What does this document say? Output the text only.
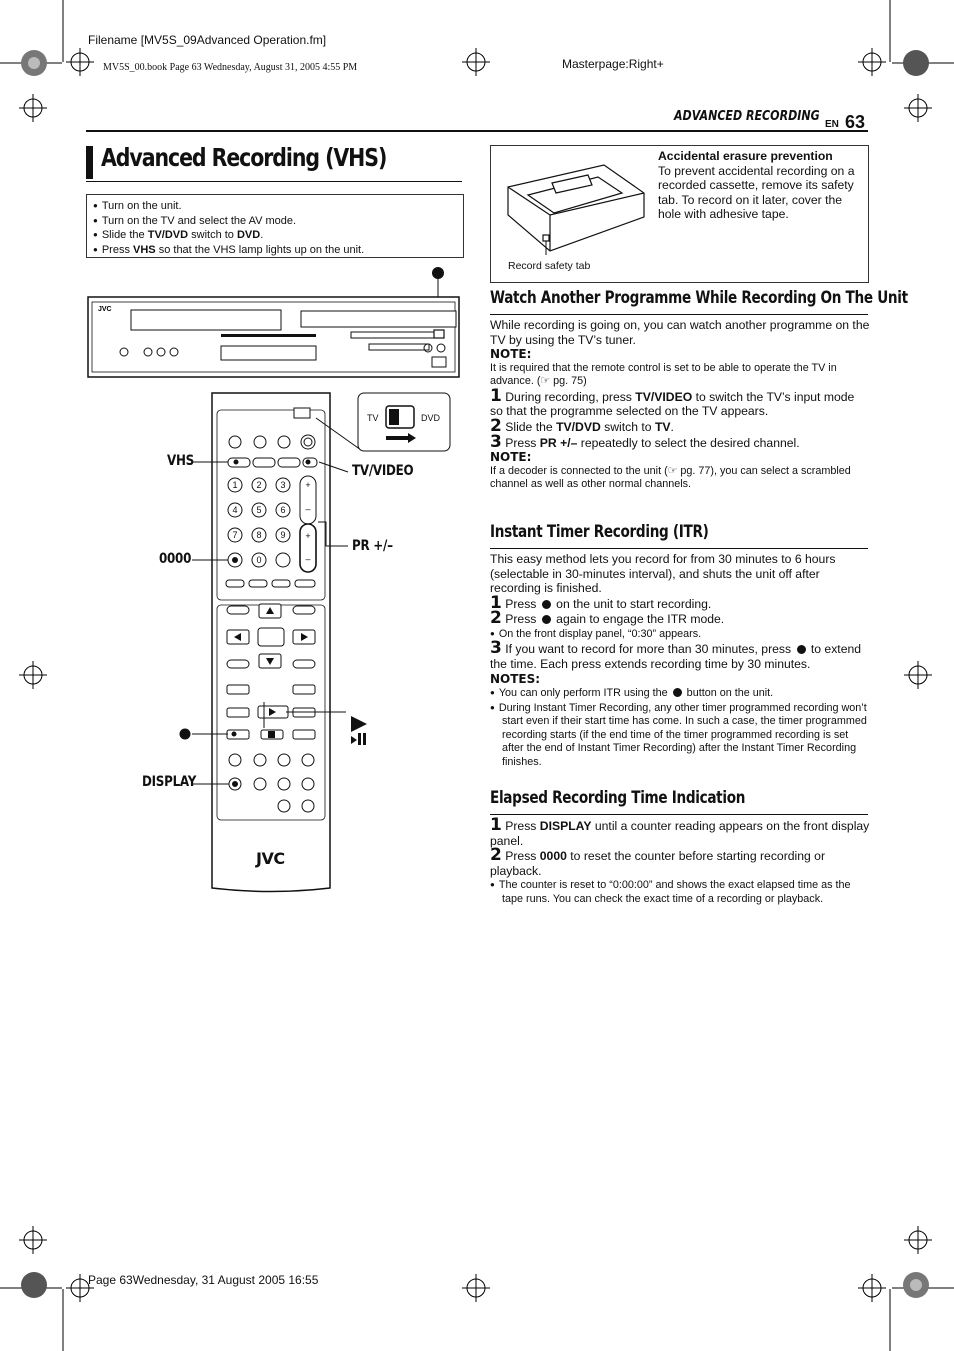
Filename [MV5S_09Advanced Operation.fm]
MV5S_00.book Page 63 Wednesday, August 31, 2005 4:55 PM	Masterpage:Right+
Page 63Wednesday, 31 August 2005 16:55
ADVANCED RECORDING
EN 63
Advanced Recording (VHS)
● Turn on the unit.
● Turn on the TV and select the AV mode.
● Slide the TV/DVD switch to DVD.
● Press VHS so that the VHS lamp lights up on the unit.
JVC
1 2 3
4 5 6
7 8 9
0
+
–
+
–
VHS
TV/VIDEO
0000
PR +/–
DISPLAY
TV	DVD
JVC
Accidental erasure prevention
To prevent accidental recording on a recorded cassette, remove its safety tab. To record on it later, cover the hole with adhesive tape.
Record safety tab
Watch Another Programme While Recording On The Unit
While recording is going on, you can watch another programme on the TV by using the TV’s tuner.
NOTE:
It is required that the remote control is set to be able to operate the TV in advance. (☞ pg. 75)
1 During recording, press TV/VIDEO to switch the TV’s input mode so that the programme selected on the TV appears.
2 Slide the TV/DVD switch to TV.
3 Press PR +/– repeatedly to select the desired channel.
NOTE:
If a decoder is connected to the unit (☞ pg. 77), you can select a scrambled channel as well as other normal channels.
Instant Timer Recording (ITR)
This easy method lets you record for from 30 minutes to 6 hours (selectable in 30-minutes interval), and shuts the unit off after recording is finished.
1 Press  on the unit to start recording.
2 Press  again to engage the ITR mode.
● On the front display panel, “0:30” appears.
3 If you want to record for more than 30 minutes, press  to extend the time. Each press extends recording time by 30 minutes.
NOTES:
● You can only perform ITR using the  button on the unit.
● During Instant Timer Recording, any other timer programmed recording won’t start even if their start time has come. In such a case, the timer programmed recording starts (if the end time of the timer programmed recording is set after the end of Instant Timer Recording) after the Instant Timer Recording finishes.
Elapsed Recording Time Indication
1 Press DISPLAY until a counter reading appears on the front display panel.
2 Press 0000 to reset the counter before starting recording or playback.
● The counter is reset to “0:00:00” and shows the exact elapsed time as the tape runs. You can check the exact time of a recording or playback.
